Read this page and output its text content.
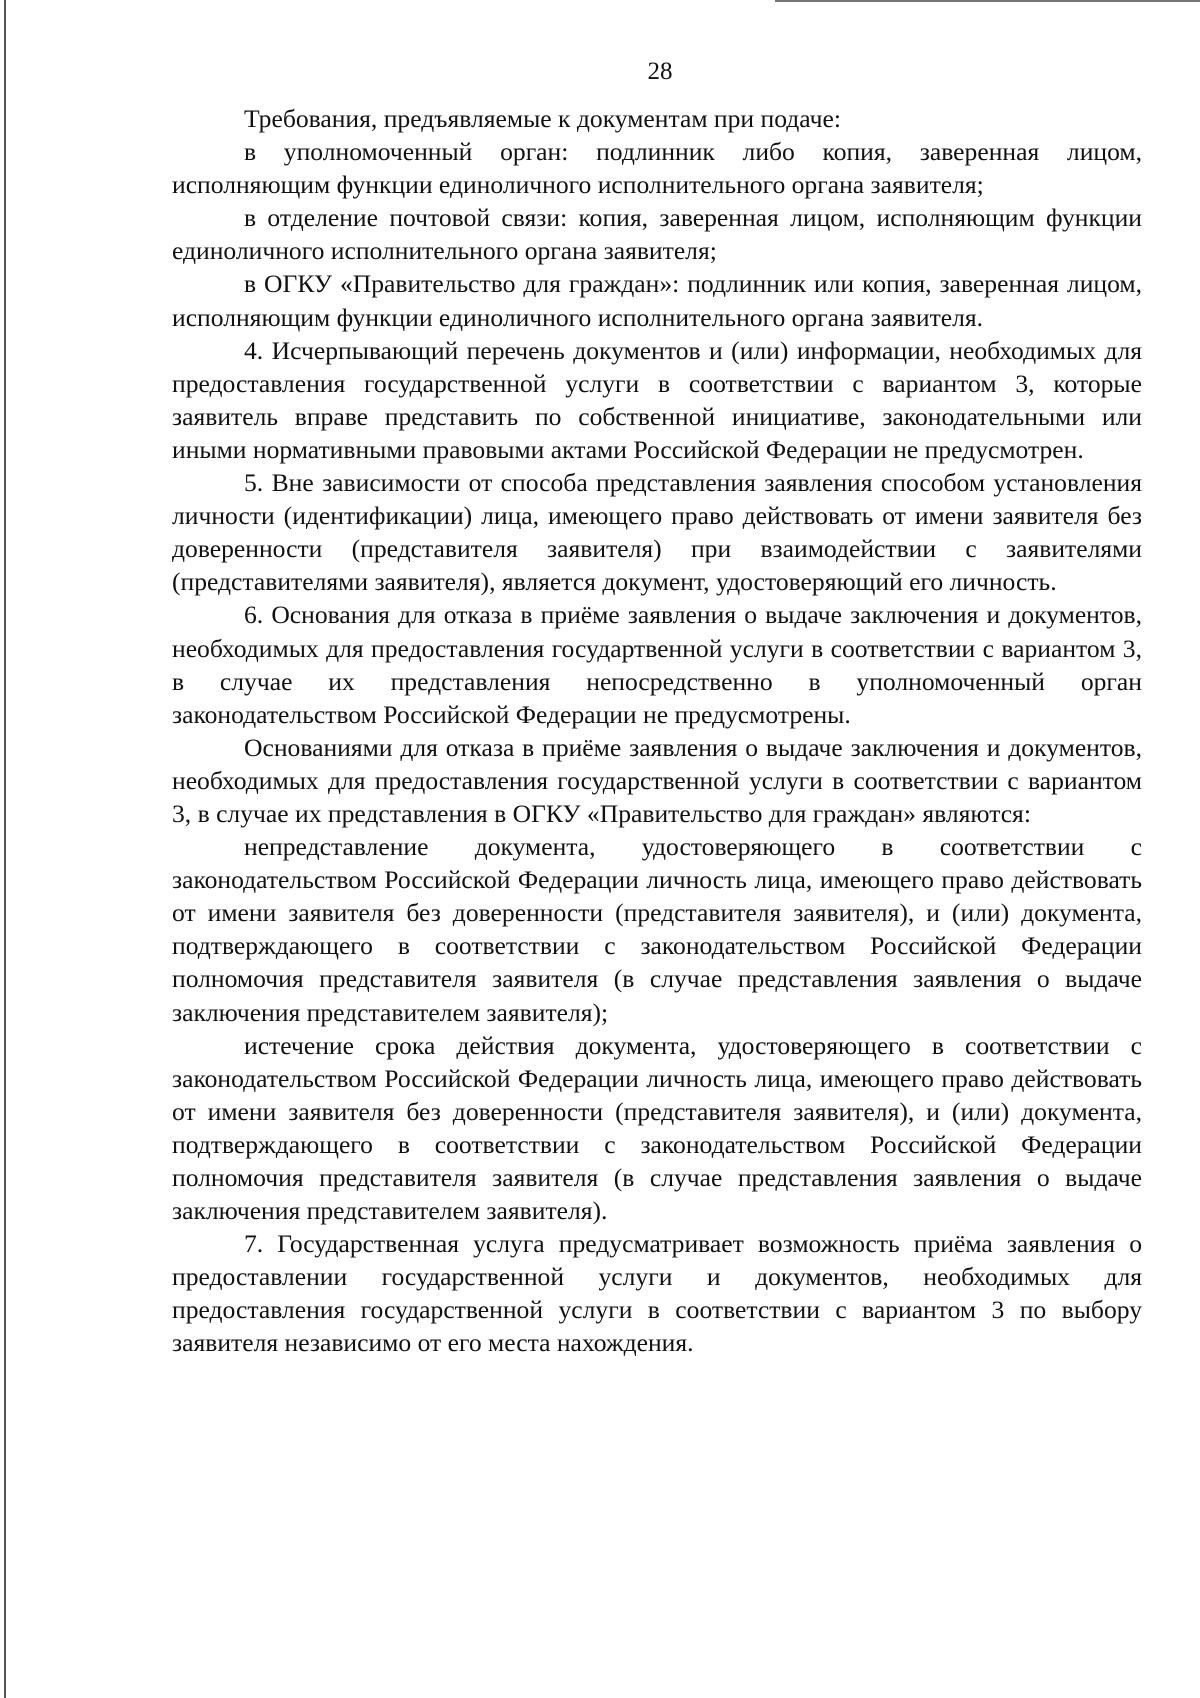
28

Требования, предъявляемые к документам при подаче:

в уполномоченный орган: подлинник либо копия, заверенная лицом, исполняющим функции единоличного исполнительного органа заявителя;

в отделение почтовой связи: копия, заверенная лицом, исполняющим функции единоличного исполнительного органа заявителя;

в ОГКУ «Правительство для граждан»: подлинник или копия, заверенная лицом, исполняющим функции единоличного исполнительного органа заявителя.

4. Исчерпывающий перечень документов и (или) информации, необходимых для предоставления государственной услуги в соответствии с вариантом 3, которые заявитель вправе представить по собственной инициативе, законодательными или иными нормативными правовыми актами Российской Федерации не предусмотрен.

5. Вне зависимости от способа представления заявления способом установления личности (идентификации) лица, имеющего право действовать от имени заявителя без доверенности (представителя заявителя) при взаимодействии с заявителями (представителями заявителя), является документ, удостоверяющий его личность.

6. Основания для отказа в приёме заявления о выдаче заключения и документов, необходимых для предоставления государтвенной услуги в соответствии с вариантом 3, в случае их представления непосредственно в уполномоченный орган законодательством Российской Федерации не предусмотрены.

Основаниями для отказа в приёме заявления о выдаче заключения и документов, необходимых для предоставления государственной услуги в соответствии с вариантом 3, в случае их представления в ОГКУ «Правительство для граждан» являются:

непредставление документа, удостоверяющего в соответствии с законодательством Российской Федерации личность лица, имеющего право действовать от имени заявителя без доверенности (представителя заявителя), и (или) документа, подтверждающего в соответствии с законодательством Российской Федерации полномочия представителя заявителя (в случае представления заявления о выдаче заключения представителем заявителя);

истечение срока действия документа, удостоверяющего в соответствии с законодательством Российской Федерации личность лица, имеющего право действовать от имени заявителя без доверенности (представителя заявителя), и (или) документа, подтверждающего в соответствии с законодательством Российской Федерации полномочия представителя заявителя (в случае представления заявления о выдаче заключения представителем заявителя).

7. Государственная услуга предусматривает возможность приёма заявления о предоставлении государственной услуги и документов, необходимых для предоставления государственной услуги в соответствии с вариантом 3 по выбору заявителя независимо от его места нахождения.
